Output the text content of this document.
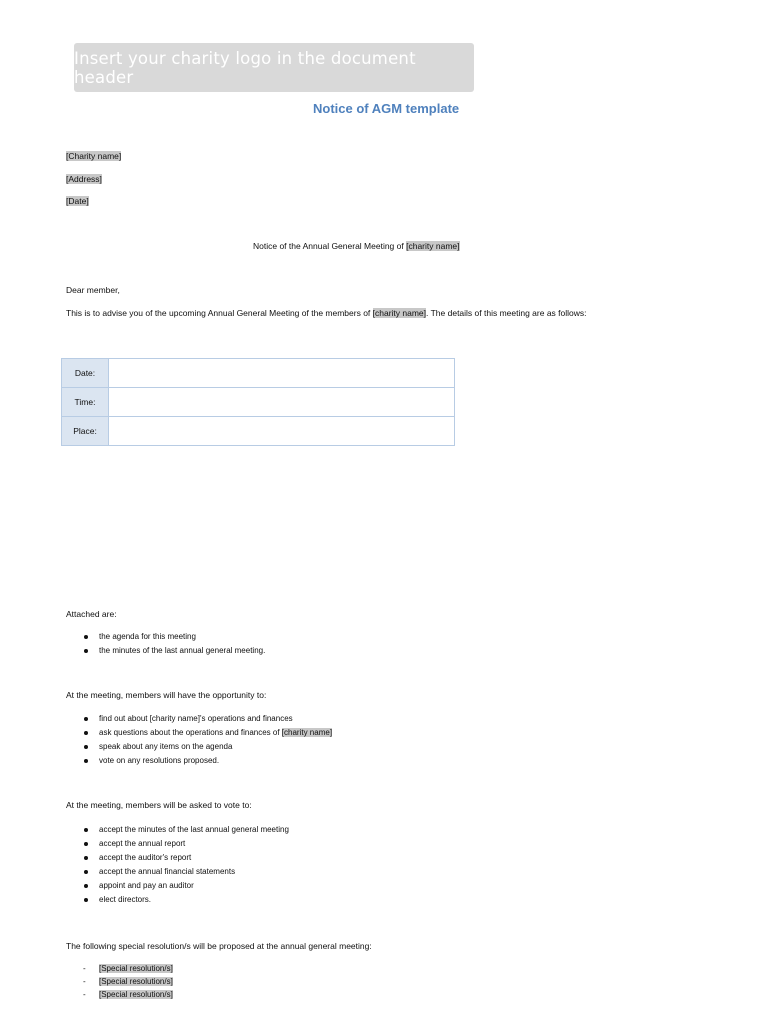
Insert your charity logo in the document header
Notice of AGM template
[Charity name]
[Address]
[Date]
Notice of the Annual General Meeting of [charity name]
Dear member,
This is to advise you of the upcoming Annual General Meeting of the members of [charity name]. The details of this meeting are as follows:
Date:	
Time:	
Place:	
Attached are:
the agenda for this meeting
the minutes of the last annual general meeting.
At the meeting, members will have the opportunity to:
find out about [charity name]'s operations and finances
ask questions about the operations and finances of [charity name]
speak about any items on the agenda
vote on any resolutions proposed.
At the meeting, members will be asked to vote to:
accept the minutes of the last annual general meeting
accept the annual report
accept the auditor's report
accept the annual financial statements
appoint and pay an auditor
elect directors.
The following special resolution/s will be proposed at the annual general meeting:
- [Special resolution/s]
- [Special resolution/s]
- [Special resolution/s]
